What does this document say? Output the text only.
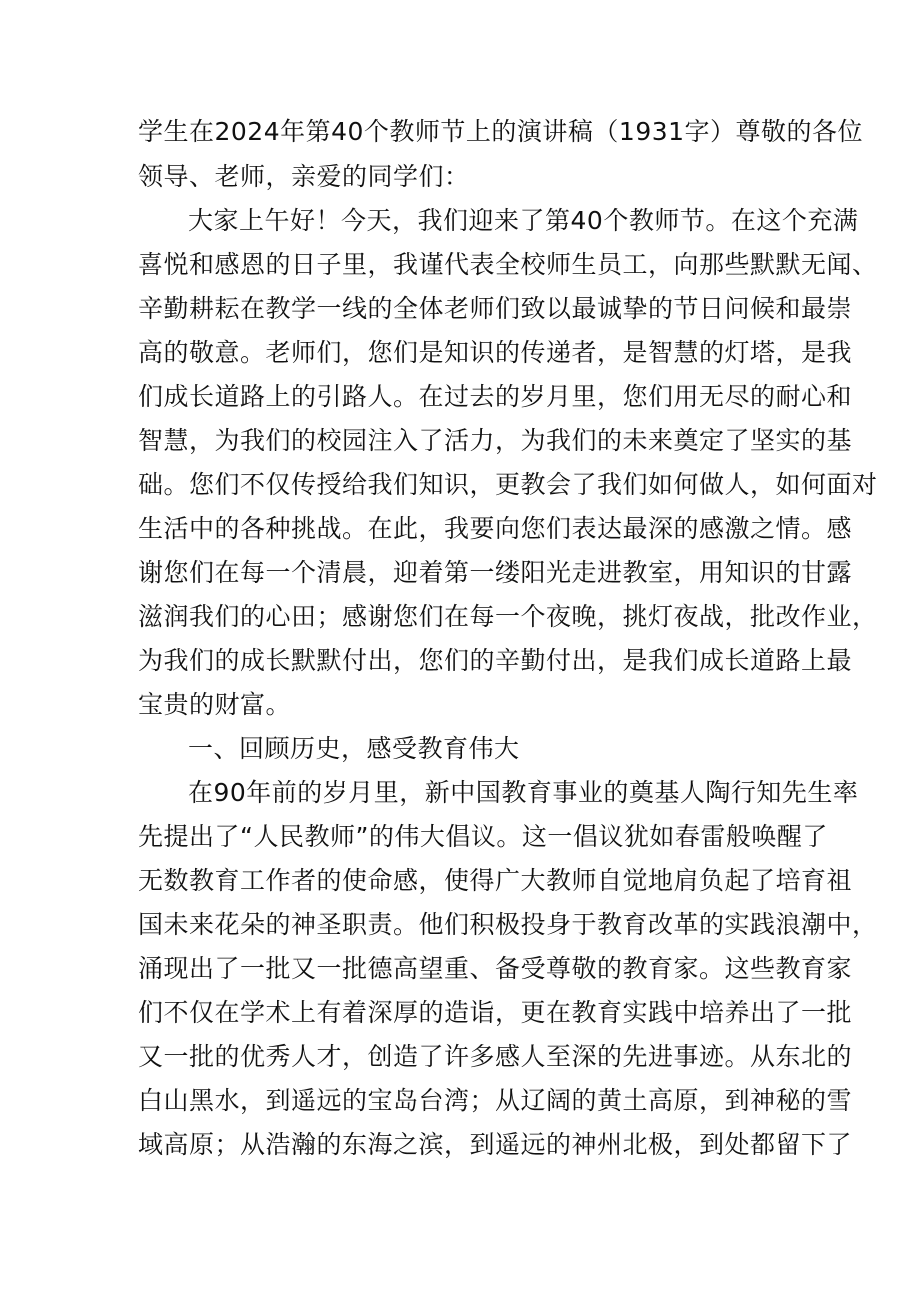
学生在2024年第40个教师节上的演讲稿（1931字）尊敬的各位
领导、老师，亲爱的同学们：
大家上午好！今天，我们迎来了第40个教师节。在这个充满
喜悦和感恩的日子里，我谨代表全校师生员工，向那些默默无闻、
辛勤耕耘在教学一线的全体老师们致以最诚挚的节日问候和最崇
高的敬意。老师们，您们是知识的传递者，是智慧的灯塔，是我
们成长道路上的引路人。在过去的岁月里，您们用无尽的耐心和
智慧，为我们的校园注入了活力，为我们的未来奠定了坚实的基
础。您们不仅传授给我们知识，更教会了我们如何做人，如何面对
生活中的各种挑战。在此，我要向您们表达最深的感激之情。感
谢您们在每一个清晨，迎着第一缕阳光走进教室，用知识的甘露
滋润我们的心田；感谢您们在每一个夜晚，挑灯夜战，批改作业，
为我们的成长默默付出，您们的辛勤付出，是我们成长道路上最
宝贵的财富。
一、回顾历史，感受教育伟大
在90年前的岁月里，新中国教育事业的奠基人陶行知先生率
先提出了“人民教师”的伟大倡议。这一倡议犹如春雷般唤醒了
无数教育工作者的使命感，使得广大教师自觉地肩负起了培育祖
国未来花朵的神圣职责。他们积极投身于教育改革的实践浪潮中，
涌现出了一批又一批德高望重、备受尊敬的教育家。这些教育家
们不仅在学术上有着深厚的造诣，更在教育实践中培养出了一批
又一批的优秀人才，创造了许多感人至深的先进事迹。从东北的
白山黑水，到遥远的宝岛台湾；从辽阔的黄土高原，到神秘的雪
域高原；从浩瀚的东海之滨，到遥远的神州北极，到处都留下了
